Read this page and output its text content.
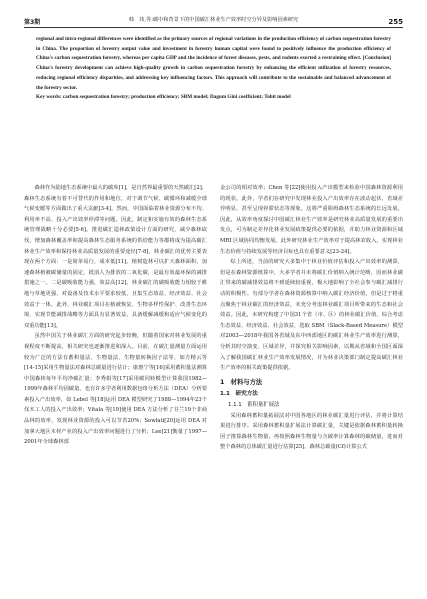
第3期	韩　玮,等:碳中和背景下的中国碳汇林业生产效率时空分异及影响因素研究	255

regional and intra-regional differences were identified as the primary sources of regional variations in the production efficiency of carbon sequestration forestry in China. The proportion of forestry output value and investment in forestry human capital were found to positively influence the production efficiency of China's carbon sequestration forestry, whereas per capita GDP and the incidence of forest diseases, pests, and rodents exerted a restraining effect. [Conclusion] China's forestry development can achieve high-quality growth in carbon sequestration forestry by enhancing the efficient utilization of forestry resources, reducing regional efficiency disparities, and addressing key influencing factors. This approach will contribute to the sustainable and balanced advancement of the forestry sector.

Key words: carbon sequestration forestry; production efficiency; SBM model; Dagum Gini coefficient; Tobit model

森林作为陆地生态系统中最大的碳库[1]，是自然界最重要的天然碳汇[2]，森林生态系统有着不可替代的作用和地位，对于调节气候、碳循环和减缓全球气候变暖等方面做出了重大贡献[3-4]。然而，中国面临着林业资源分布不均、利用率不高、投入产出效率停滞等问题。因此，制定和实施有效的森林生态系统管理战略十分必要[5-6]。推进碳汇造林政策设计方面的研究，减少森林砍伐，增加森林覆盖率和提高森林生态服务系统的供给能力等都将成为提高碳汇林业生产效率和保持林业高质量发展的重要途径[7-8]。林业碳汇的优势主要表现在两个方面：一是简单易行，成本低[11]。植树造林可以扩大森林面积，加速森林植被碳储量的固定，抵消人为排放的二氧化碳，是最有效最环保的减排措施之一。二是碳吸收能力强，效益高[12]。林业碳汇的碳吸收能力相较于耕地与草地更强，对设备及技术水平要求较低，且集生态效益、经济效益、社会效益于一体。此外，林业碳汇项目在植被恢复、生物多样性保护、改善生态环境、实现节能减排战略等方面具有显著效益，具备缓解减缓和适应气候变化的双重功能[13]。

虽然中国关于林业碳汇方面的研究起步较晚，但随着国家对林业发展的重视程度不断提高，相关研究也逐渐推进和深入。目前，在碳汇量测量方面运用较为广泛的方法有蓄积量法、生物量法、生物量转换因子法等，如方精云等[14-15]采用生物量法对森林总碳量进行估计；康惠宁等[16]采用蓄积量法测算中国森林每年平均净碳汇量；李秀娟等[17]采用碳同转模型计算我国1982—1999年森林平均固碳量。也有许多学者利用数据包络分析方法（DEA）分析要素投入产出效率，如 Lebel 等[18]运用 DEA 模型研究了1988—1994年23个伐木工人的投入产出效率；Vitala 等[19]使用 DEA 方法分析了芬兰19个非商品林的效率，发现林业资源的投入可以节省20%；Sowlati[20]运用 DEA 对加拿大地区木材产业的投入产出效率问题进行了分析；Lee[21]衡量了1997—2001年全球森林部

金公司的相对效率；Chen 等[22]使用投入产出模型来检验中国森林资源利用的现状。此外，学者们在研究中发现林业投入产出效率存在波动起伏、省域差异明显、甚至呈现停滞状态等现象，这将严重阻碍森林生态系统的长远发展。因此，从效率角度探讨中国碳汇林业生产效率是研究林业高质量发展的重要出发点，可为制定差异化林业发展政策提供必要的依据，并助力林业资源和区域 MRI 区域协同均衡发展。此外研究林业生产效率对于提高林农收入，实现林业生态价值与持续发展等经济目标也具有重要意义[23-24]。

综上所述，当前的研究大多集中于林业价值评估和投入产出效率的测算，但是在森林资源核算中，大多学者并未将碳汇价值纳入统计范畴，因而林业碳汇带来的碳减排效益将不到延续较重视，极大地影响了全社会参与碳汇减排行动的积极性。有部分学者在森林资源核算中纳入碳汇经济价值，但是过于将重点聚焦于林业碳汇的经济效益，未充分考虑林业碳汇项目所带来的生态和社会效益。因此，本研究构建了中国31个省（市、区）的林业碳汇价值，综合考虑生态效益、经济效益、社会效益，选取 SBM（Slack-Based Measure）模型对2003—2018年我国各省域及东中西部地区的碳汇林业生产效率进行测算，分析其时空演变、区域差异，并探究相关影响因素，以期从省域和全国区面深入了解我国碳汇林业生产效率发展情况，并为林业决策部门制定提高碳汇林业生产效率的相关政策提供依据。

1　材料与方法
1.1　研究方法
1.1.1　蓄积量扩展法

采用森林蓄积量拓展法对中国各地区的林业碳汇量进行评估，并将计算结果进行排序。采用森林蓄积量扩展法计算碳汇量，关键是依据森林蓄积量转换因子推算森林生物量，再按照森林生物量与含碳率计算森林的碳储量，进而对整个森林的总体碳汇量进行估算[25]。森林总碳量(Cf)计算公式
